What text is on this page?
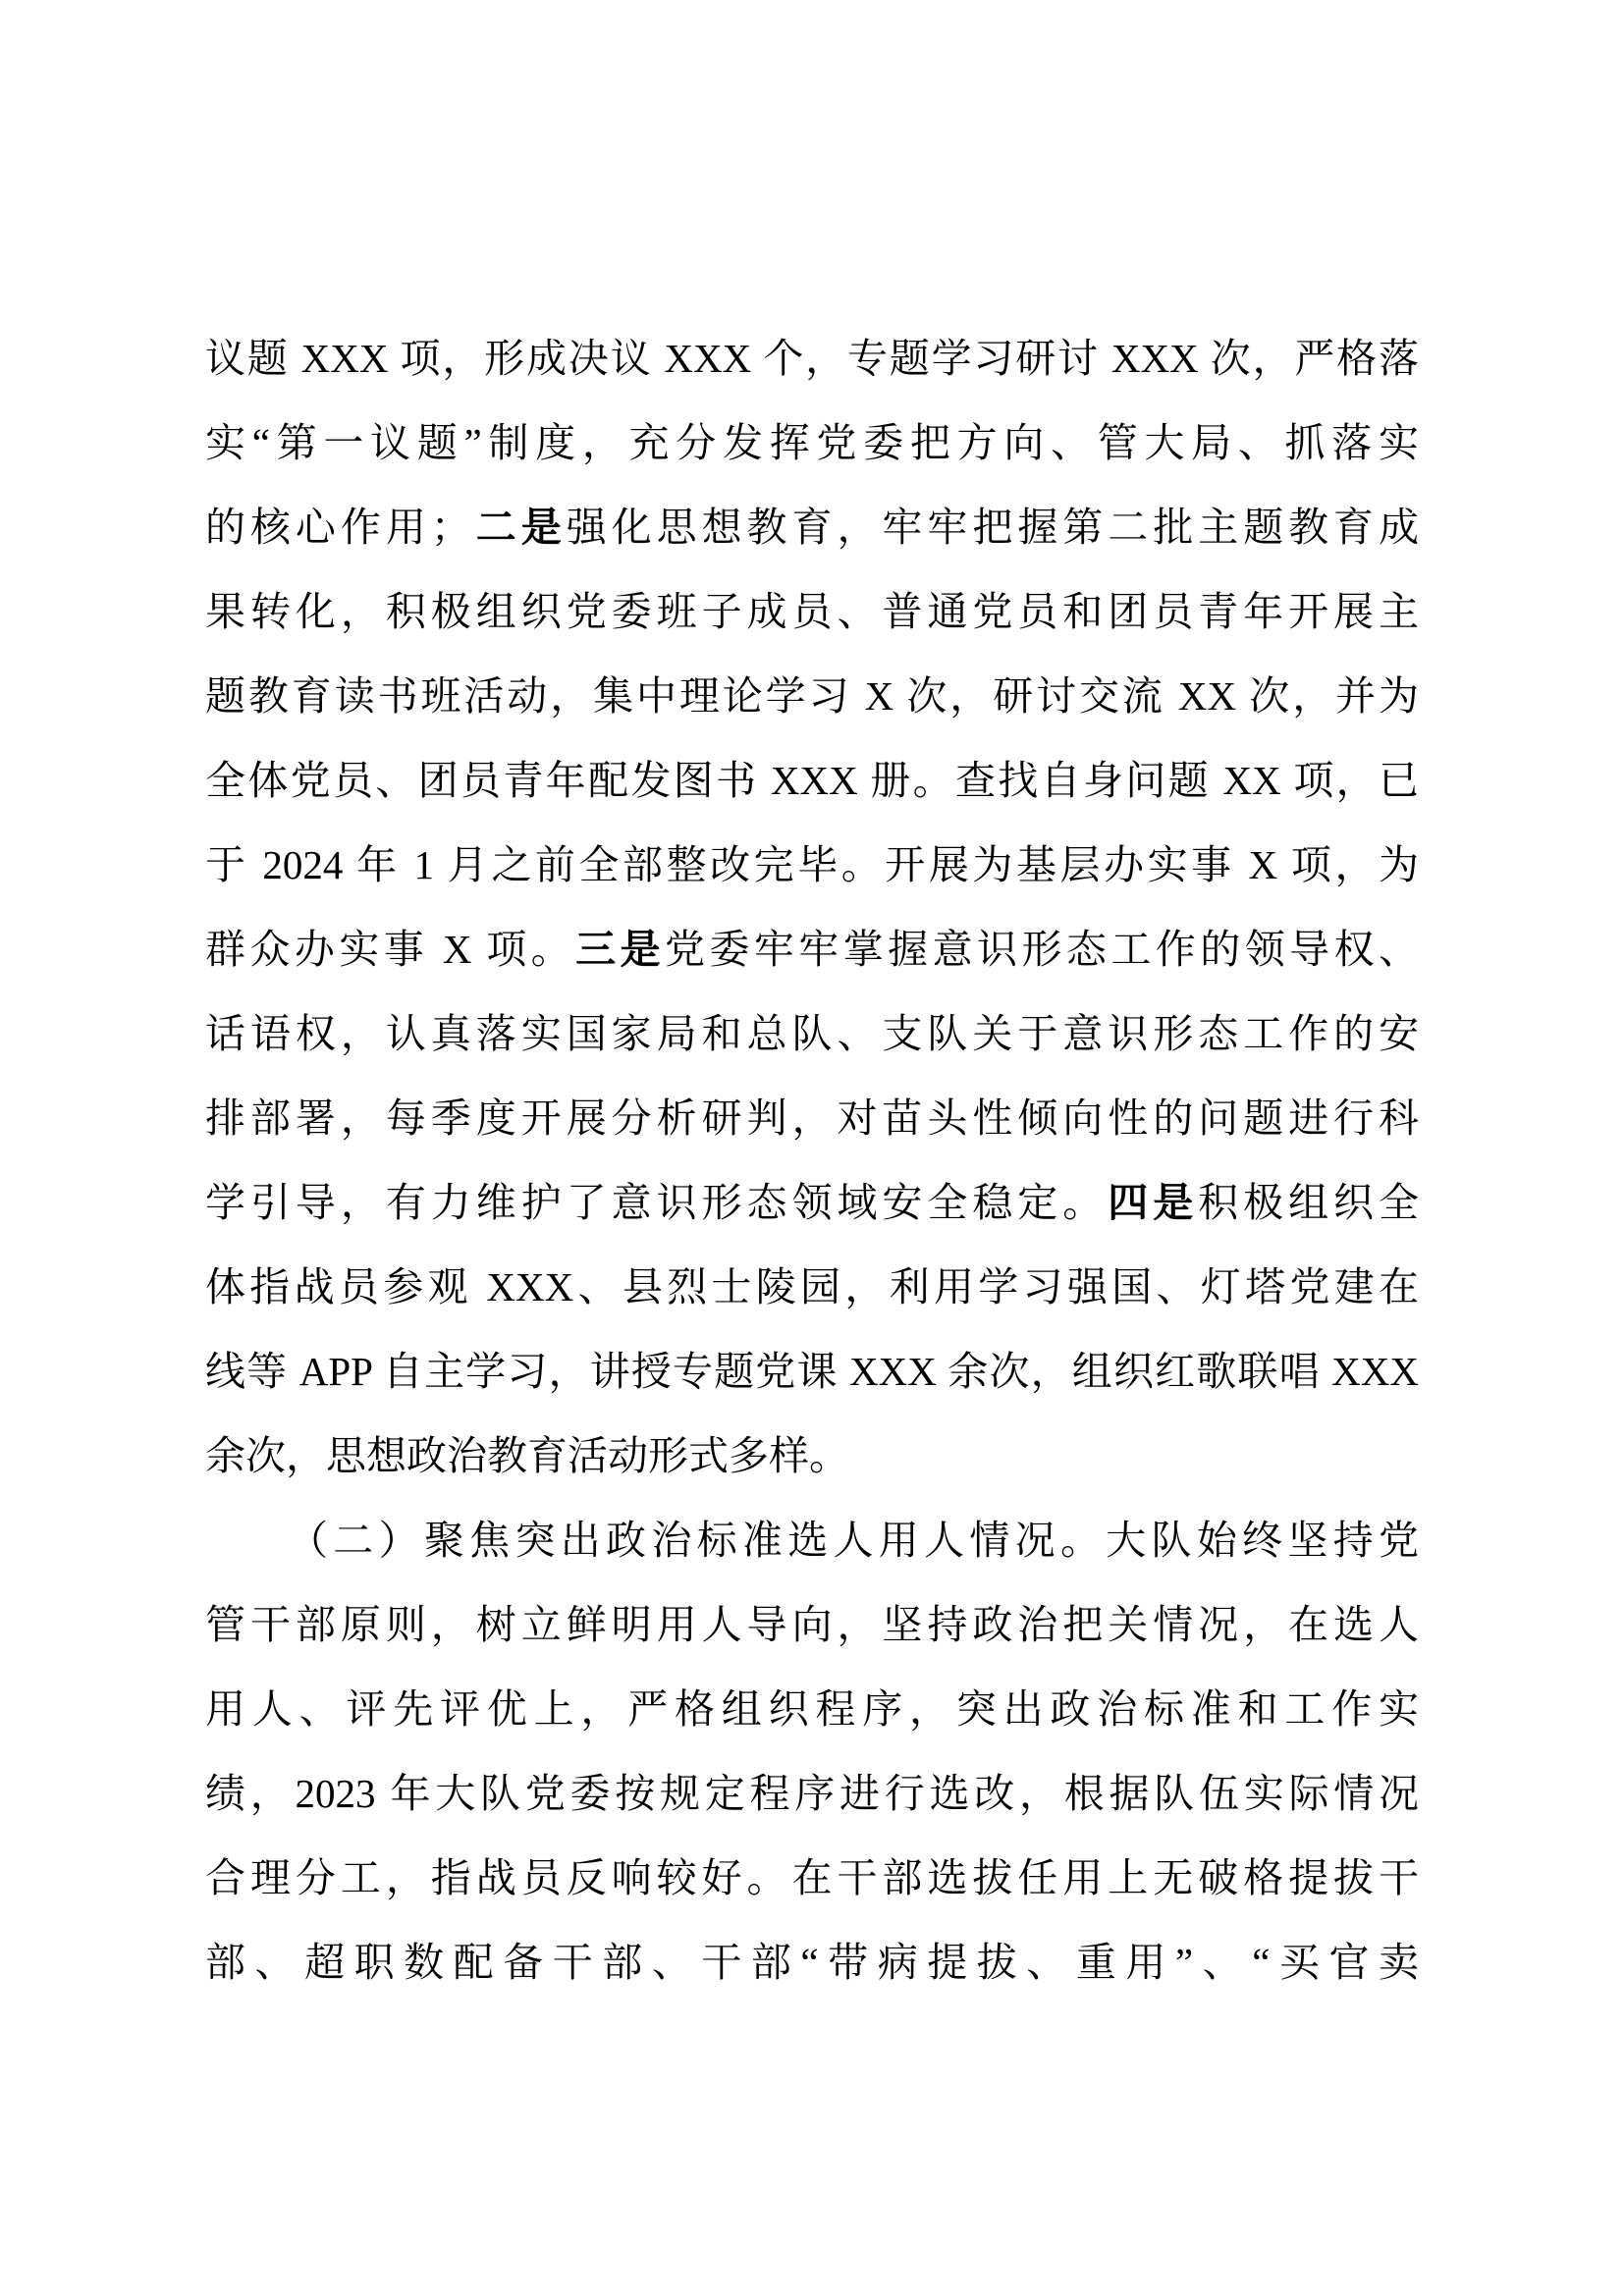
议题 XXX 项，形成决议 XXX 个，专题学习研讨 XXX 次，严格落
实“第一议题”制度，充分发挥党委把方向、管大局、抓落实
的核心作用；二是强化思想教育，牢牢把握第二批主题教育成
果转化，积极组织党委班子成员、普通党员和团员青年开展主
题教育读书班活动，集中理论学习 X 次，研讨交流 XX 次，并为
全体党员、团员青年配发图书 XXX 册。查找自身问题 XX 项，已
于 2024 年 1 月之前全部整改完毕。开展为基层办实事 X 项，为
群众办实事 X 项。三是党委牢牢掌握意识形态工作的领导权、
话语权，认真落实国家局和总队、支队关于意识形态工作的安
排部署，每季度开展分析研判，对苗头性倾向性的问题进行科
学引导，有力维护了意识形态领域安全稳定。四是积极组织全
体指战员参观 XXX、县烈士陵园，利用学习强国、灯塔党建在
线等 APP 自主学习，讲授专题党课 XXX 余次，组织红歌联唱 XXX
余次，思想政治教育活动形式多样。
（二）聚焦突出政治标准选人用人情况。大队始终坚持党
管干部原则，树立鲜明用人导向，坚持政治把关情况，在选人
用人、评先评优上，严格组织程序，突出政治标准和工作实
绩，2023 年大队党委按规定程序进行选改，根据队伍实际情况
合理分工，指战员反响较好。在干部选拔任用上无破格提拔干
部、超职数配备干部、干部“带病提拔、重用”、“买官卖
